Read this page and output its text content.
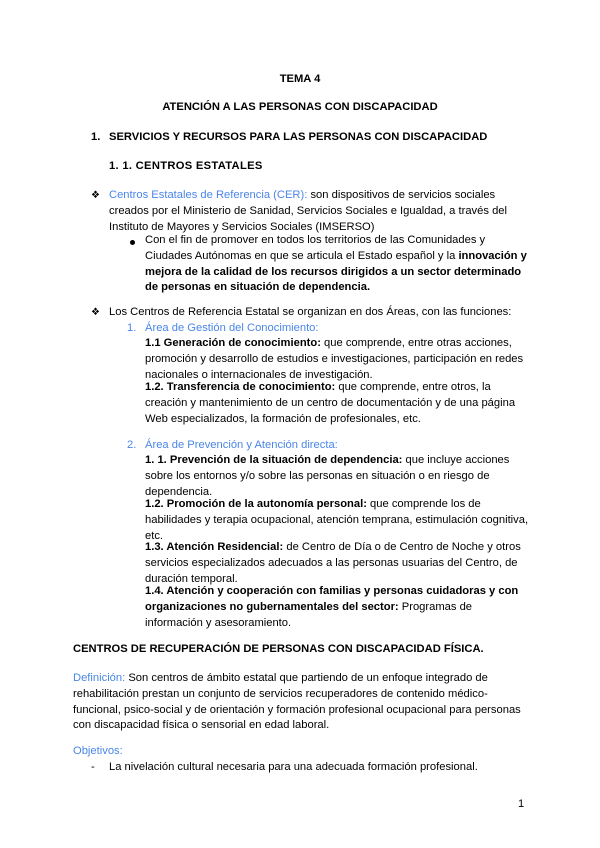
TEMA 4

ATENCIÓN A LAS PERSONAS CON DISCAPACIDAD

1. SERVICIOS Y RECURSOS PARA LAS PERSONAS CON DISCAPACIDAD

1. 1. CENTROS ESTATALES

❖ Centros Estatales de Referencia (CER): son dispositivos de servicios sociales creados por el Ministerio de Sanidad, Servicios Sociales e Igualdad, a través del Instituto de Mayores y Servicios Sociales (IMSERSO)

Con el fin de promover en todos los territorios de las Comunidades y Ciudades Autónomas en que se articula el Estado español y la innovación y mejora de la calidad de los recursos dirigidos a un sector determinado de personas en situación de dependencia.

❖ Los Centros de Referencia Estatal se organizan en dos Áreas, con las funciones:

1. Área de Gestión del Conocimiento:

1.1 Generación de conocimiento: que comprende, entre otras acciones, promoción y desarrollo de estudios e investigaciones, participación en redes nacionales o internacionales de investigación.

1.2. Transferencia de conocimiento: que comprende, entre otros, la creación y mantenimiento de un centro de documentación y de una página Web especializados, la formación de profesionales, etc.

2. Área de Prevención y Atención directa:

1. 1. Prevención de la situación de dependencia: que incluye acciones sobre los entornos y/o sobre las personas en situación o en riesgo de dependencia.

1.2. Promoción de la autonomía personal: que comprende los de habilidades y terapia ocupacional, atención temprana, estimulación cognitiva, etc.

1.3. Atención Residencial: de Centro de Día o de Centro de Noche y otros servicios especializados adecuados a las personas usuarias del Centro, de duración temporal.

1.4. Atención y cooperación con familias y personas cuidadoras y con organizaciones no gubernamentales del sector: Programas de información y asesoramiento.

CENTROS DE RECUPERACIÓN DE PERSONAS CON DISCAPACIDAD FÍSICA.

Definición: Son centros de ámbito estatal que partiendo de un enfoque integrado de rehabilitación prestan un conjunto de servicios recuperadores de contenido médico-funcional, psico-social y de orientación y formación profesional ocupacional para personas con discapacidad física o sensorial en edad laboral.

Objetivos:

- La nivelación cultural necesaria para una adecuada formación profesional.

1
